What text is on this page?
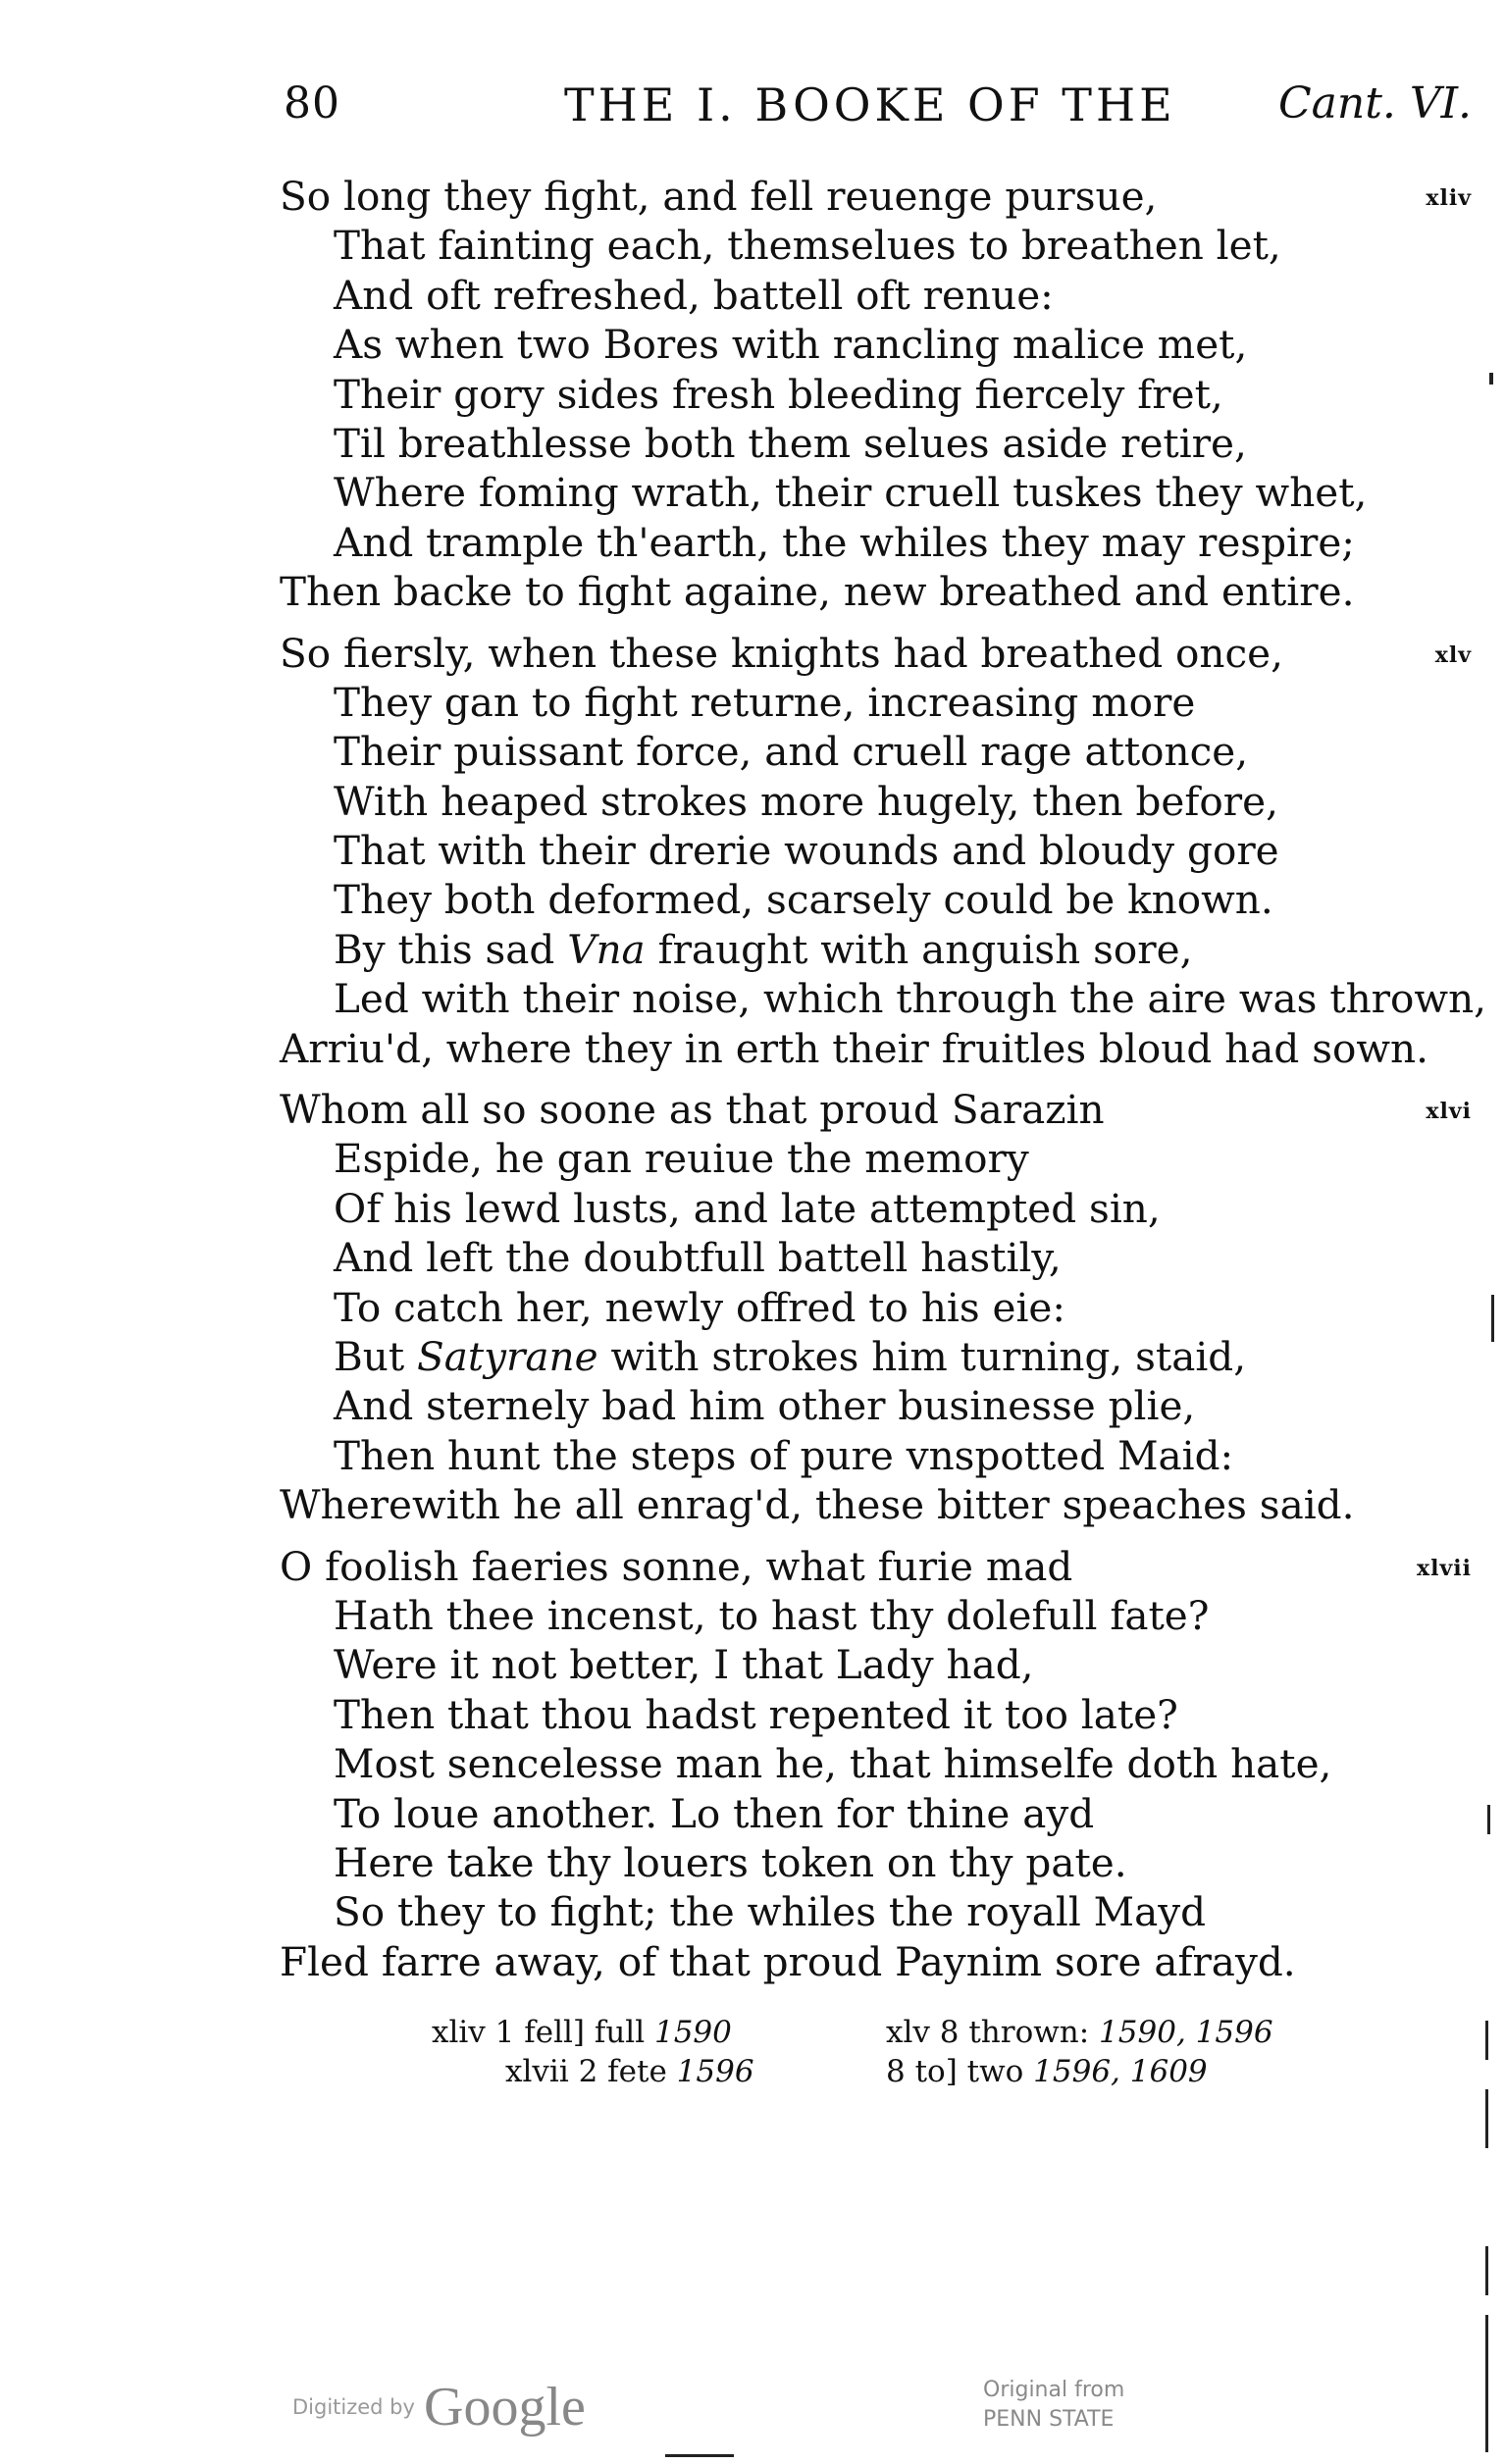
80	THE I. BOOKE OF THE Cant. VI.
xliv
So long they fight, and fell reuenge pursue,
That fainting each, themselues to breathen let,
And oft refreshed, battell oft renue:
As when two Bores with rancling malice met,
Their gory sides fresh bleeding fiercely fret,
Til breathlesse both them selues aside retire,
Where foming wrath, their cruell tuskes they whet,
And trample th'earth, the whiles they may respire;
Then backe to fight againe, new breathed and entire.
xlv
So fiersly, when these knights had breathed once,
They gan to fight returne, increasing more
Their puissant force, and cruell rage attonce,
With heaped strokes more hugely, then before,
That with their drerie wounds and bloudy gore
They both deformed, scarsely could be known.
By this sad Vna fraught with anguish sore,
Led with their noise, which through the aire was thrown,
Arriu'd, where they in erth their fruitles bloud had sown.
xlvi
Whom all so soone as that proud Sarazin
Espide, he gan reuiue the memory
Of his lewd lusts, and late attempted sin,
And left the doubtfull battell hastily,
To catch her, newly offred to his eie:
But Satyrane with strokes him turning, staid,
And sternely bad him other businesse plie,
Then hunt the steps of pure vnspotted Maid:
Wherewith he all enrag'd, these bitter speaches said.
xlvii
O foolish faeries sonne, what furie mad
Hath thee incenst, to hast thy dolefull fate?
Were it not better, I that Lady had,
Then that thou hadst repented it too late?
Most sencelesse man he, that himselfe doth hate,
To loue another. Lo then for thine ayd
Here take thy louers token on thy pate.
So they to fight; the whiles the royall Mayd
Fled farre away, of that proud Paynim sore afrayd.
xliv 1 fell] full 1590	xlv 8 thrown: 1590, 1596
xlvii 2 fete 1596	8 to] two 1596, 1609
Digitized by Google	Original from
PENN STATE
